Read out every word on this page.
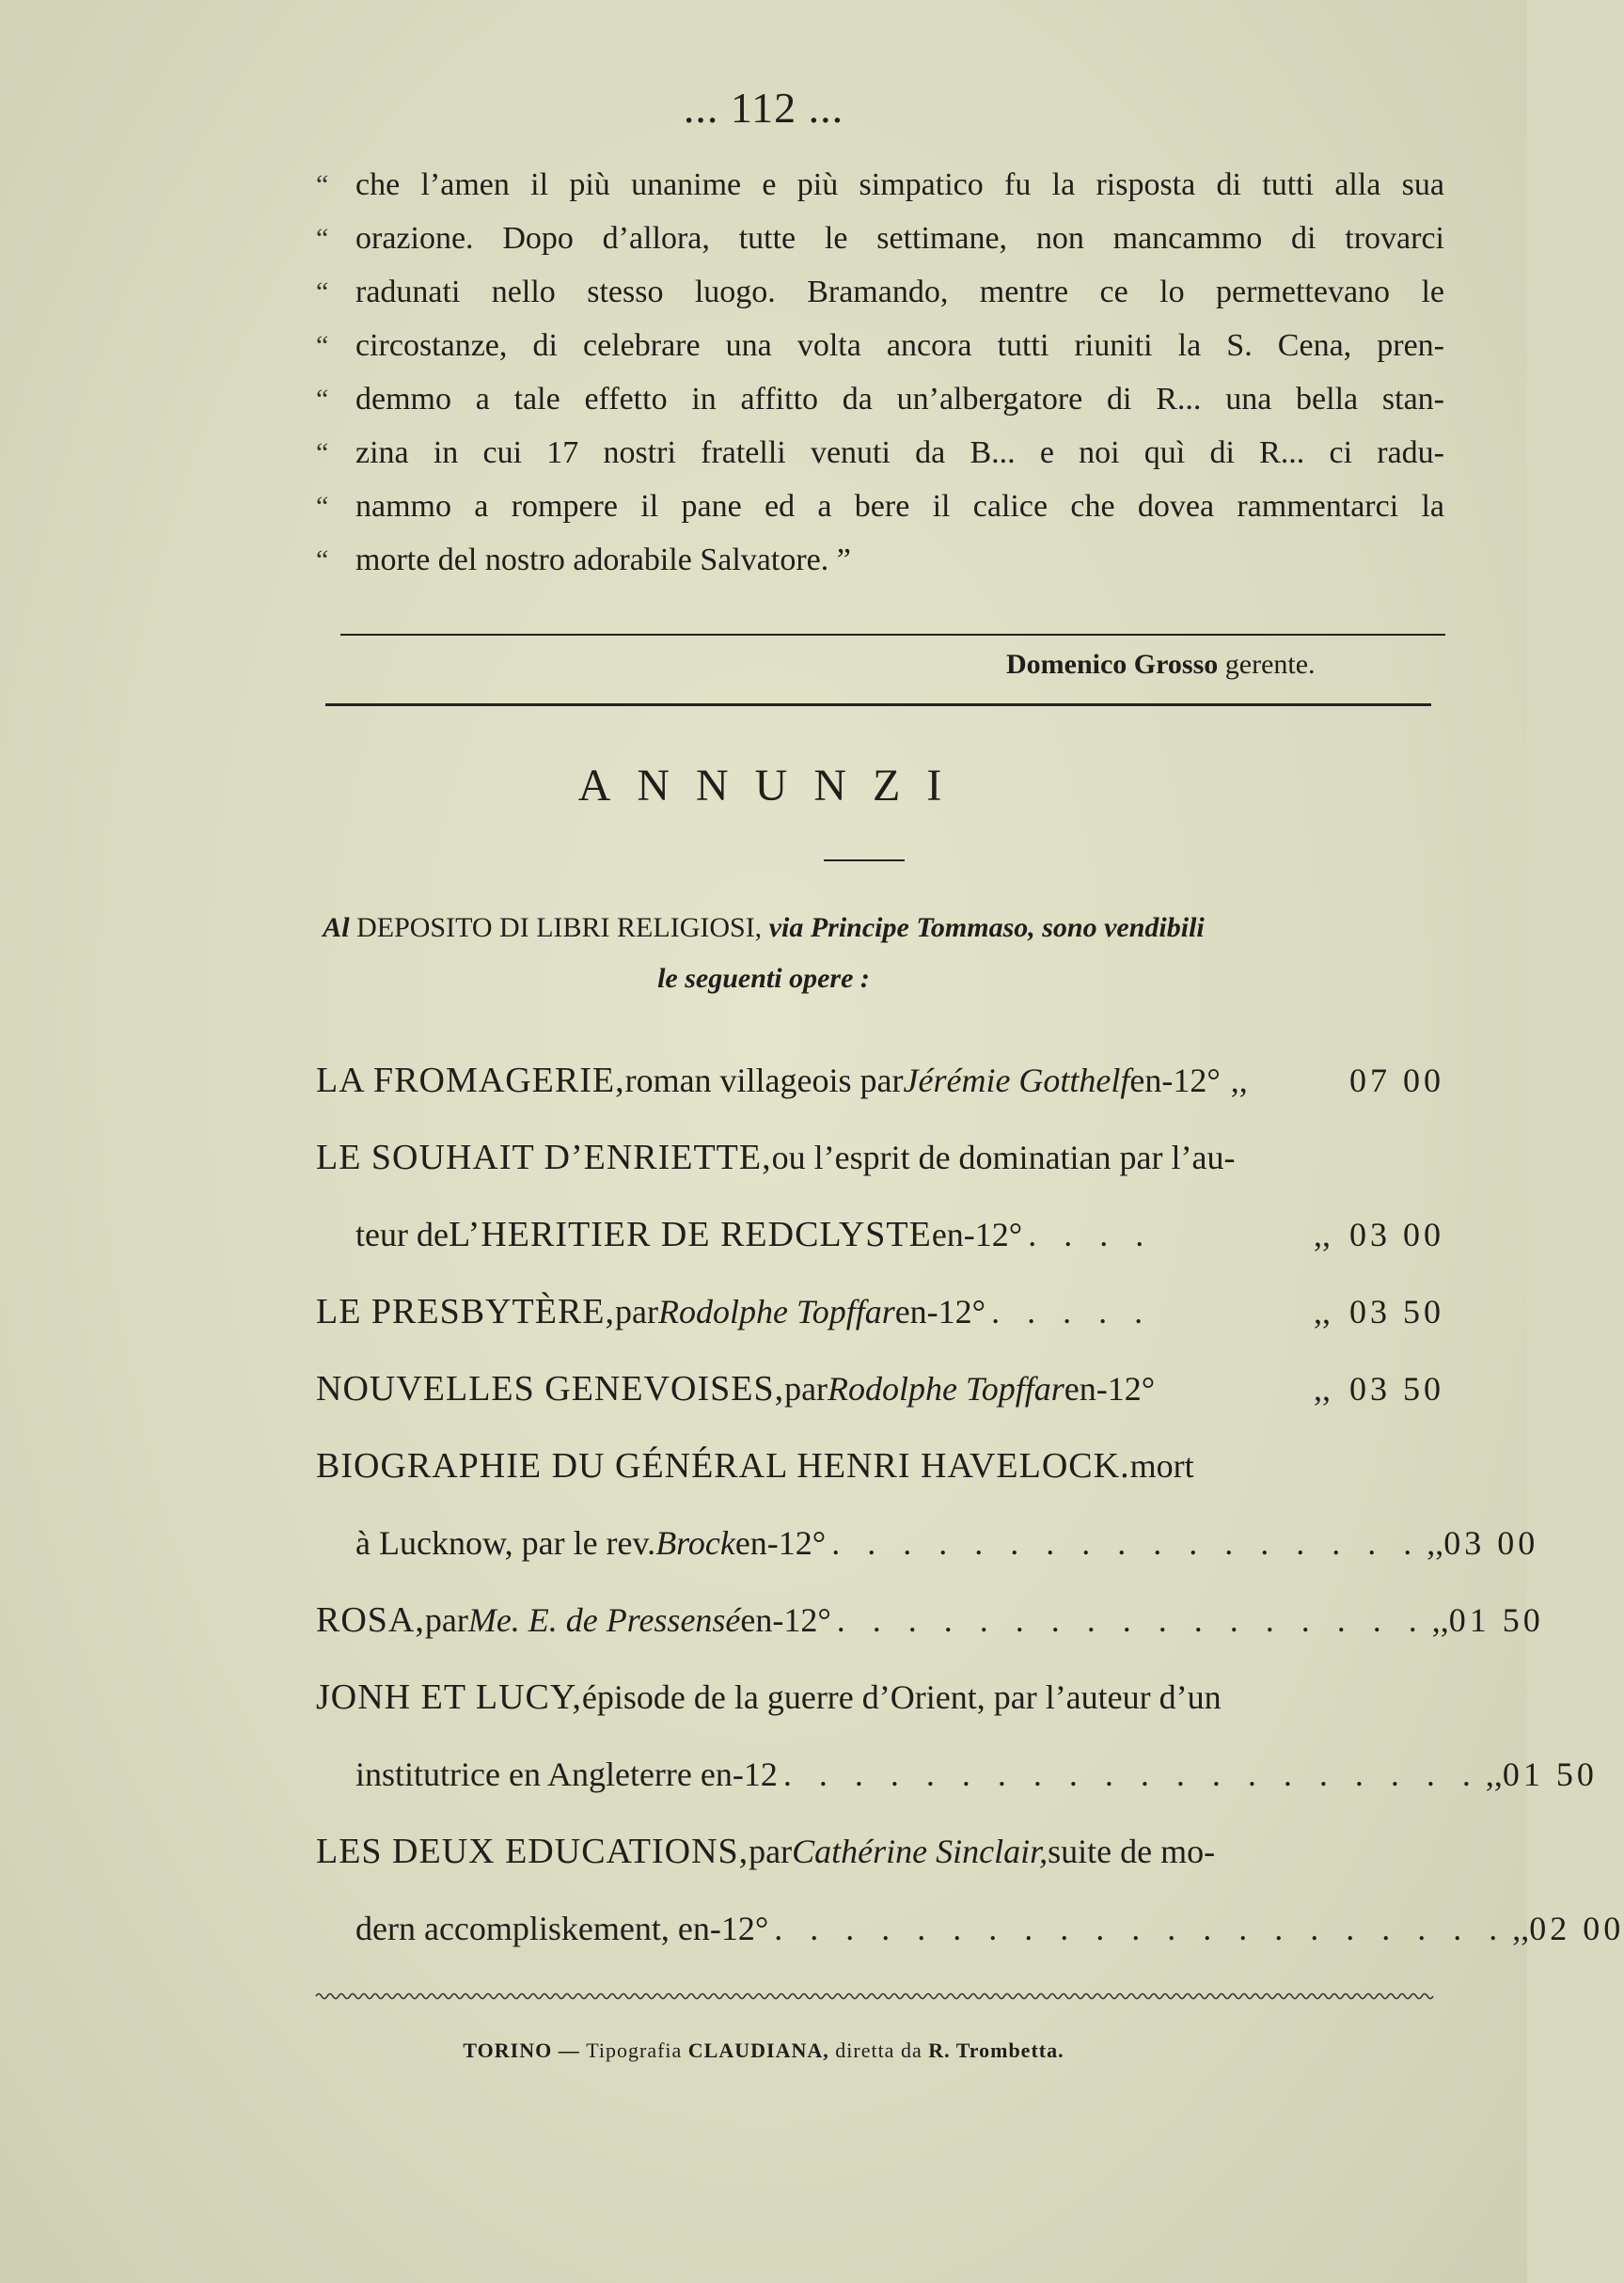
... 112 ...
“ che l’amen il più unanime e più simpatico fu la risposta di tutti alla sua
“ orazione. Dopo d’allora, tutte le settimane, non mancammo di trovarci
“ radunati nello stesso luogo. Bramando, mentre ce lo permettevano le
“ circostanze, di celebrare una volta ancora tutti riuniti la S. Cena, pren-
“ demmo a tale effetto in affitto da un’albergatore di R... una bella stan-
“ zina in cui 17 nostri fratelli venuti da B... e noi quì di R... ci radu-
“ nammo a rompere il pane ed a bere il calice che dovea rammentarci la
“ morte del nostro adorabile Salvatore. ”
Domenico Grosso gerente.
ANNUNZI
Al DEPOSITO DI LIBRI RELIGIOSI, via Principe Tommaso, sono vendibili
le seguenti opere :
LA FROMAGERIE, roman villageois par Jérémie Gotthelf en-12° ,,	07 00
LE SOUHAIT D’ENRIETTE, ou l’esprit de dominatian par l’au-
teur de L’HERITIER DE REDCLYSTE en-12° . . . .	,, 03 00
LE PRESBYTÈRE, par Rodolphe Topffar en-12° . . . . .	,, 03 50
NOUVELLES GENEVOISES, par Rodolphe Topffar en-12°	,, 03 50
BIOGRAPHIE DU GÉNÉRAL HENRI HAVELOCK. mort
à Lucknow, par le rev. Brock en-12° . . . . . . . . . . . . . . . . . ,, 03 00
ROSA, par Me. E. de Pressensé en-12° . . . . . . . . . . . . . . . . . ,, 01 50
JONH ET LUCY, épisode de la guerre d’Orient, par l’auteur d’un
institutrice en Angleterre en-12 . . . . . . . . . . . . . . . . . . . . ,, 01 50
LES DEUX EDUCATIONS, par Cathérine Sinclair, suite de mo-
dern accompliskement, en-12° . . . . . . . . . . . . . . . . . . . . . ,, 02 00
TORINO — Tipografia CLAUDIANA, diretta da R. Trombetta.
